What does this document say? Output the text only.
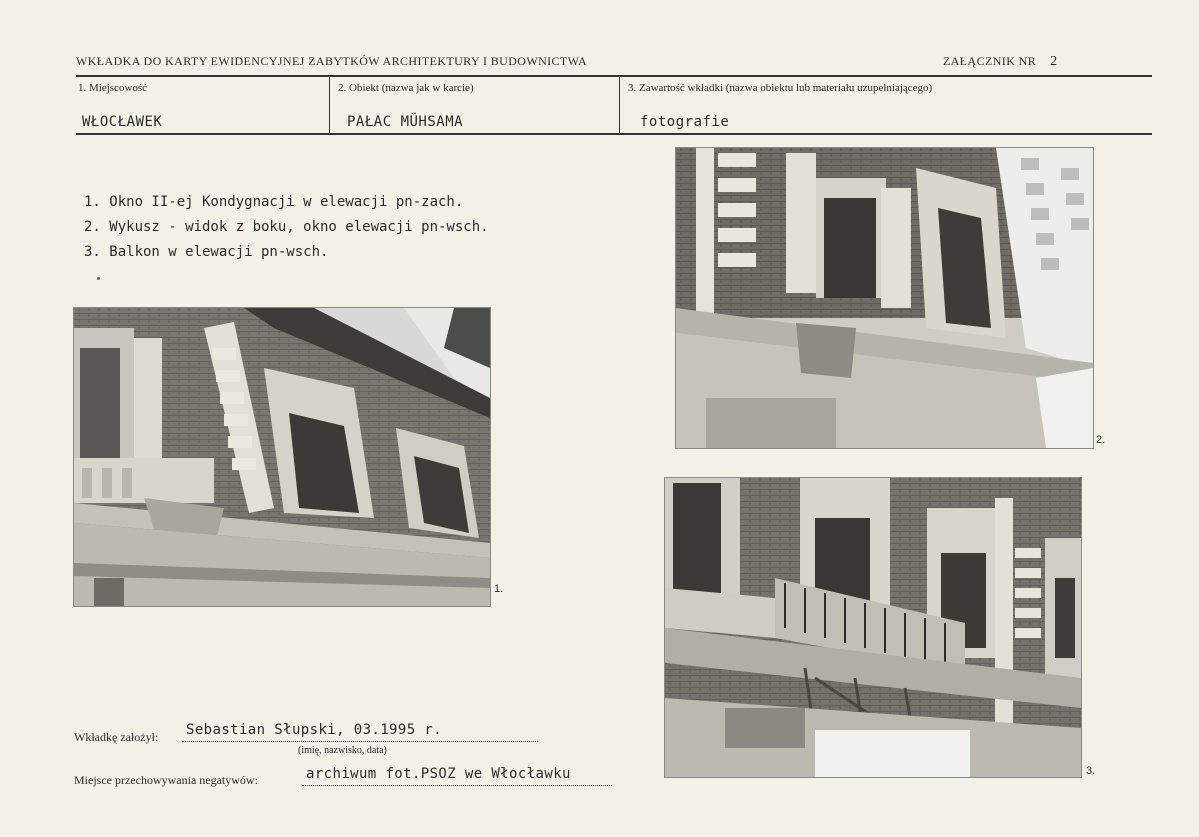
WKŁADKA DO KARTY EWIDENCYJNEJ ZABYTKÓW ARCHITEKTURY I BUDOWNICTWA	ZAŁĄCZNIK NR 2
1. Miejscowość	2. Obiekt (nazwa jak w karcie)	3. Zawartość wkładki (nazwa obiektu lub materiału uzupełniającego)
WŁOCŁAWEK	PAŁAC MÜHSAMA	fotografie
1. Okno II-ej Kondygnacji w elewacji pn-zach.
2. Wykusz - widok z boku, okno elewacji pn-wsch.
3. Balkon w elewacji pn-wsch.
1.
2.
3.
Wkładkę założył: Sebastian Słupski, 03.1995 r.
(imię, nazwisko, data)
Miejsce przechowywania negatywów:	archiwum fot.PSOZ we Włocławku
